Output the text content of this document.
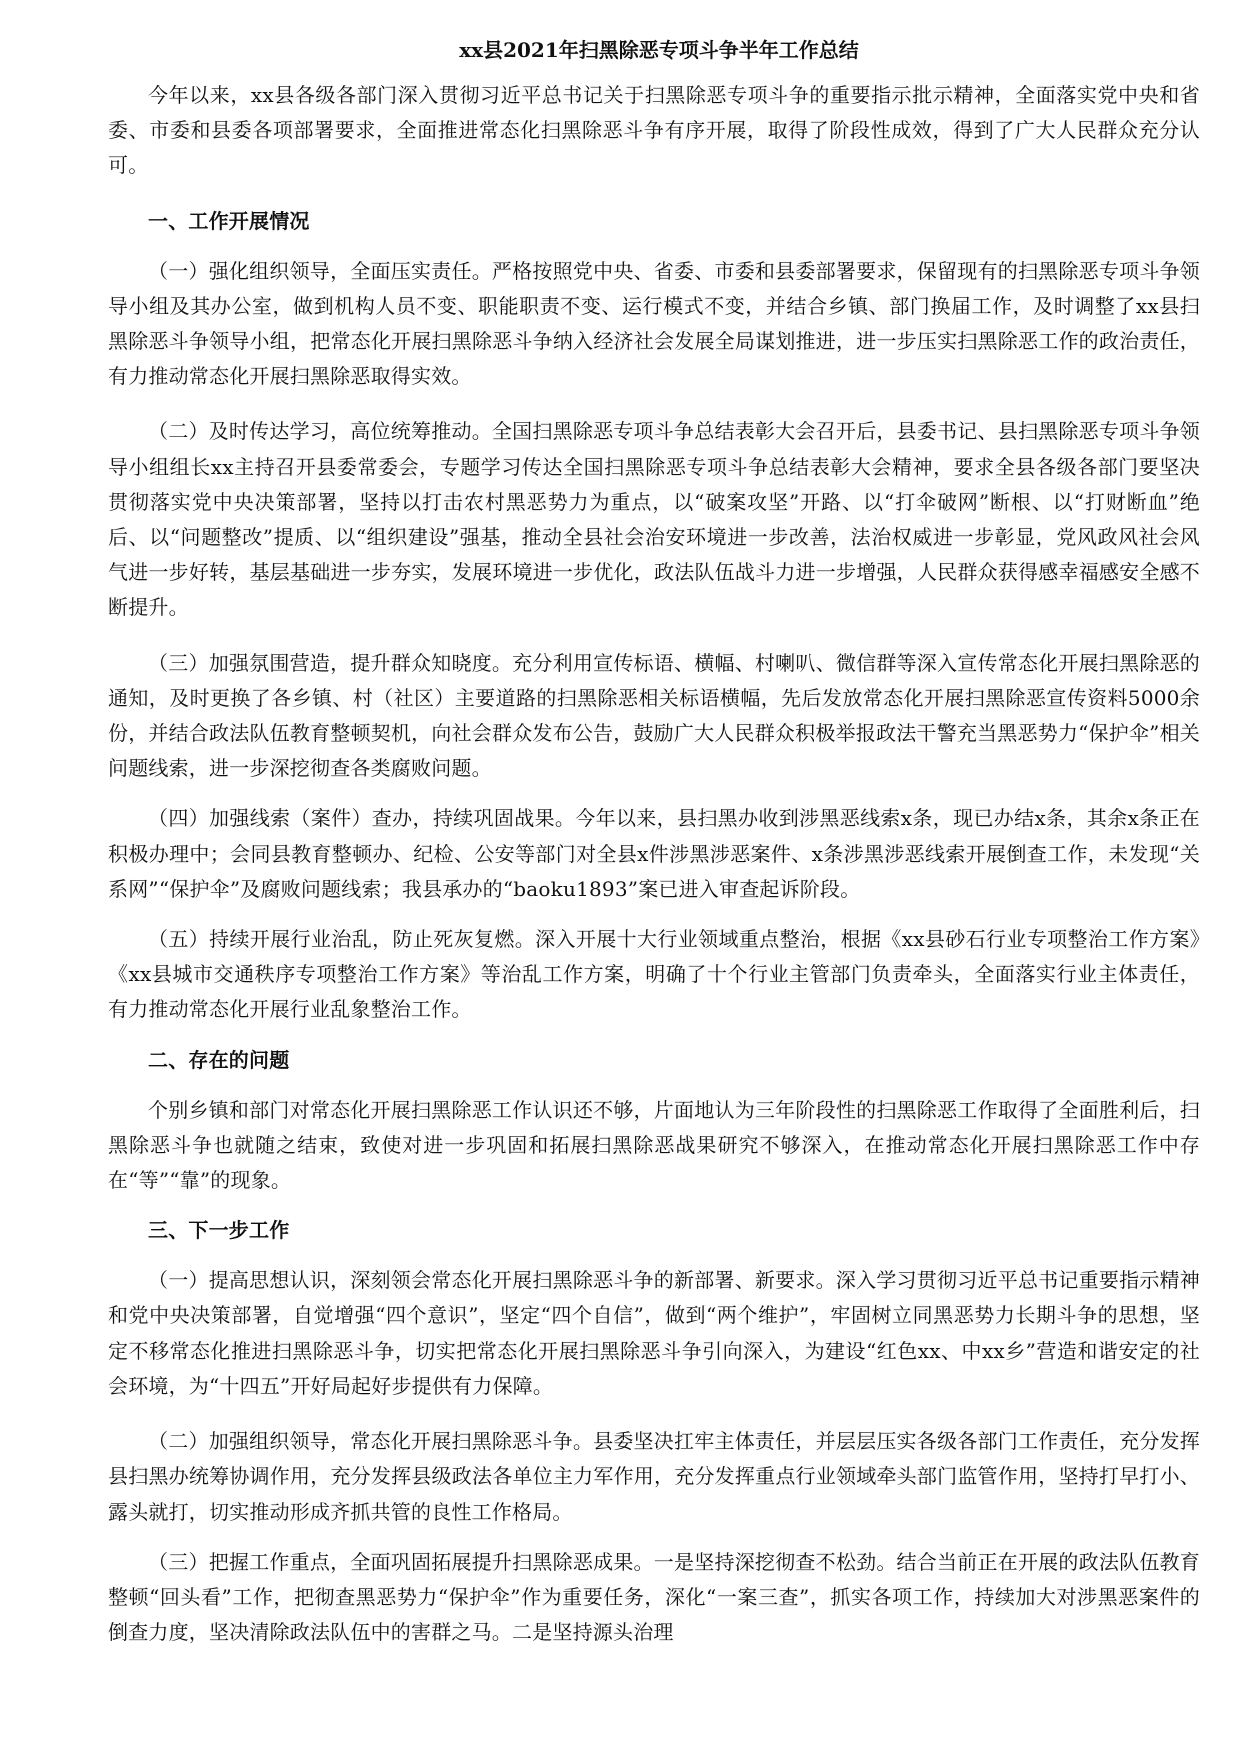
xx县2021年扫黑除恶专项斗争半年工作总结

今年以来，xx县各级各部门深入贯彻习近平总书记关于扫黑除恶专项斗争的重要指示批示精神，全面落实党中央和省委、市委和县委各项部署要求，全面推进常态化扫黑除恶斗争有序开展，取得了阶段性成效，得到了广大人民群众充分认可。

一、工作开展情况

（一）强化组织领导，全面压实责任。严格按照党中央、省委、市委和县委部署要求，保留现有的扫黑除恶专项斗争领导小组及其办公室，做到机构人员不变、职能职责不变、运行模式不变，并结合乡镇、部门换届工作，及时调整了xx县扫黑除恶斗争领导小组，把常态化开展扫黑除恶斗争纳入经济社会发展全局谋划推进，进一步压实扫黑除恶工作的政治责任，有力推动常态化开展扫黑除恶取得实效。

（二）及时传达学习，高位统筹推动。全国扫黑除恶专项斗争总结表彰大会召开后，县委书记、县扫黑除恶专项斗争领导小组组长xx主持召开县委常委会，专题学习传达全国扫黑除恶专项斗争总结表彰大会精神，要求全县各级各部门要坚决贯彻落实党中央决策部署，坚持以打击农村黑恶势力为重点，以“破案攻坚”开路、以“打伞破网”断根、以“打财断血”绝后、以“问题整改”提质、以“组织建设”强基，推动全县社会治安环境进一步改善，法治权威进一步彰显，党风政风社会风气进一步好转，基层基础进一步夯实，发展环境进一步优化，政法队伍战斗力进一步增强，人民群众获得感幸福感安全感不断提升。

（三）加强氛围营造，提升群众知晓度。充分利用宣传标语、横幅、村喇叭、微信群等深入宣传常态化开展扫黑除恶的通知，及时更换了各乡镇、村（社区）主要道路的扫黑除恶相关标语横幅，先后发放常态化开展扫黑除恶宣传资料5000余份，并结合政法队伍教育整顿契机，向社会群众发布公告，鼓励广大人民群众积极举报政法干警充当黑恶势力“保护伞”相关问题线索，进一步深挖彻查各类腐败问题。

（四）加强线索（案件）查办，持续巩固战果。今年以来，县扫黑办收到涉黑恶线索x条，现已办结x条，其余x条正在积极办理中；会同县教育整顿办、纪检、公安等部门对全县x件涉黑涉恶案件、x条涉黑涉恶线索开展倒查工作，未发现“关系网”“保护伞”及腐败问题线索；我县承办的“baoku1893”案已进入审查起诉阶段。

（五）持续开展行业治乱，防止死灰复燃。深入开展十大行业领域重点整治，根据《xx县砂石行业专项整治工作方案》《xx县城市交通秩序专项整治工作方案》等治乱工作方案，明确了十个行业主管部门负责牵头，全面落实行业主体责任，有力推动常态化开展行业乱象整治工作。

二、存在的问题

个别乡镇和部门对常态化开展扫黑除恶工作认识还不够，片面地认为三年阶段性的扫黑除恶工作取得了全面胜利后，扫黑除恶斗争也就随之结束，致使对进一步巩固和拓展扫黑除恶战果研究不够深入，在推动常态化开展扫黑除恶工作中存在“等”“靠”的现象。

三、下一步工作

（一）提高思想认识，深刻领会常态化开展扫黑除恶斗争的新部署、新要求。深入学习贯彻习近平总书记重要指示精神和党中央决策部署，自觉增强“四个意识”，坚定“四个自信”，做到“两个维护”，牢固树立同黑恶势力长期斗争的思想，坚定不移常态化推进扫黑除恶斗争，切实把常态化开展扫黑除恶斗争引向深入，为建设“红色xx、中xx乡”营造和谐安定的社会环境，为“十四五”开好局起好步提供有力保障。

（二）加强组织领导，常态化开展扫黑除恶斗争。县委坚决扛牢主体责任，并层层压实各级各部门工作责任，充分发挥县扫黑办统筹协调作用，充分发挥县级政法各单位主力军作用，充分发挥重点行业领域牵头部门监管作用，坚持打早打小、露头就打，切实推动形成齐抓共管的良性工作格局。

（三）把握工作重点，全面巩固拓展提升扫黑除恶成果。一是坚持深挖彻查不松劲。结合当前正在开展的政法队伍教育整顿“回头看”工作，把彻查黑恶势力“保护伞”作为重要任务，深化“一案三查”，抓实各项工作，持续加大对涉黑恶案件的倒查力度，坚决清除政法队伍中的害群之马。二是坚持源头治理
